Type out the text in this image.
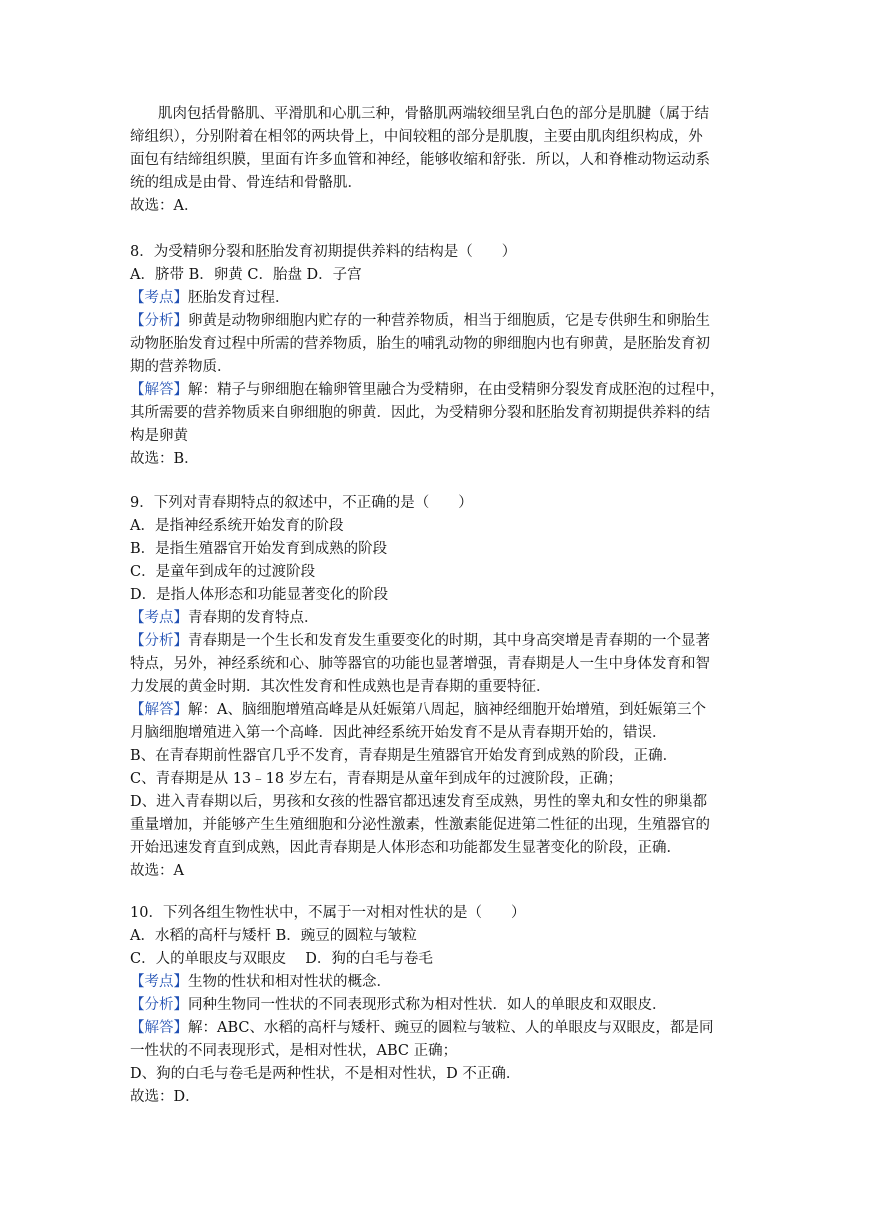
肌肉包括骨骼肌、平滑肌和心肌三种，骨骼肌两端较细呈乳白色的部分是肌腱（属于结
缔组织），分别附着在相邻的两块骨上，中间较粗的部分是肌腹，主要由肌肉组织构成，外
面包有结缔组织膜，里面有许多血管和神经，能够收缩和舒张．所以，人和脊椎动物运动系
统的组成是由骨、骨连结和骨骼肌．
故选：A．
8．为受精卵分裂和胚胎发育初期提供养料的结构是（　　）
A．脐带 B．卵黄 C．胎盘 D．子宫
【考点】胚胎发育过程．
【分析】卵黄是动物卵细胞内贮存的一种营养物质，相当于细胞质，它是专供卵生和卵胎生
动物胚胎发育过程中所需的营养物质，胎生的哺乳动物的卵细胞内也有卵黄，是胚胎发育初
期的营养物质．
【解答】解：精子与卵细胞在输卵管里融合为受精卵，在由受精卵分裂发育成胚泡的过程中，
其所需要的营养物质来自卵细胞的卵黄．因此，为受精卵分裂和胚胎发育初期提供养料的结
构是卵黄
故选：B．
9．下列对青春期特点的叙述中，不正确的是（　　）
A．是指神经系统开始发育的阶段
B．是指生殖器官开始发育到成熟的阶段
C．是童年到成年的过渡阶段
D．是指人体形态和功能显著变化的阶段
【考点】青春期的发育特点．
【分析】青春期是一个生长和发育发生重要变化的时期，其中身高突增是青春期的一个显著
特点，另外，神经系统和心、肺等器官的功能也显著增强，青春期是人一生中身体发育和智
力发展的黄金时期．其次性发育和性成熟也是青春期的重要特征．
【解答】解：A、脑细胞增殖高峰是从妊娠第八周起，脑神经细胞开始增殖，到妊娠第三个
月脑细胞增殖进入第一个高峰．因此神经系统开始发育不是从青春期开始的，错误．
B、在青春期前性器官几乎不发育，青春期是生殖器官开始发育到成熟的阶段，正确．
C、青春期是从 13﹣18 岁左右，青春期是从童年到成年的过渡阶段，正确；
D、进入青春期以后，男孩和女孩的性器官都迅速发育至成熟，男性的睾丸和女性的卵巢都
重量增加，并能够产生生殖细胞和分泌性激素，性激素能促进第二性征的出现，生殖器官的
开始迅速发育直到成熟，因此青春期是人体形态和功能都发生显著变化的阶段，正确．
故选：A
10．下列各组生物性状中，不属于一对相对性状的是（　　）
A．水稻的高杆与矮杆 B．豌豆的圆粒与皱粒
C．人的单眼皮与双眼皮　 D．狗的白毛与卷毛
【考点】生物的性状和相对性状的概念．
【分析】同种生物同一性状的不同表现形式称为相对性状．如人的单眼皮和双眼皮．
【解答】解：ABC、水稻的高杆与矮杆、豌豆的圆粒与皱粒、人的单眼皮与双眼皮，都是同
一性状的不同表现形式，是相对性状，ABC 正确；
D、狗的白毛与卷毛是两种性状，不是相对性状，D 不正确．
故选：D．
